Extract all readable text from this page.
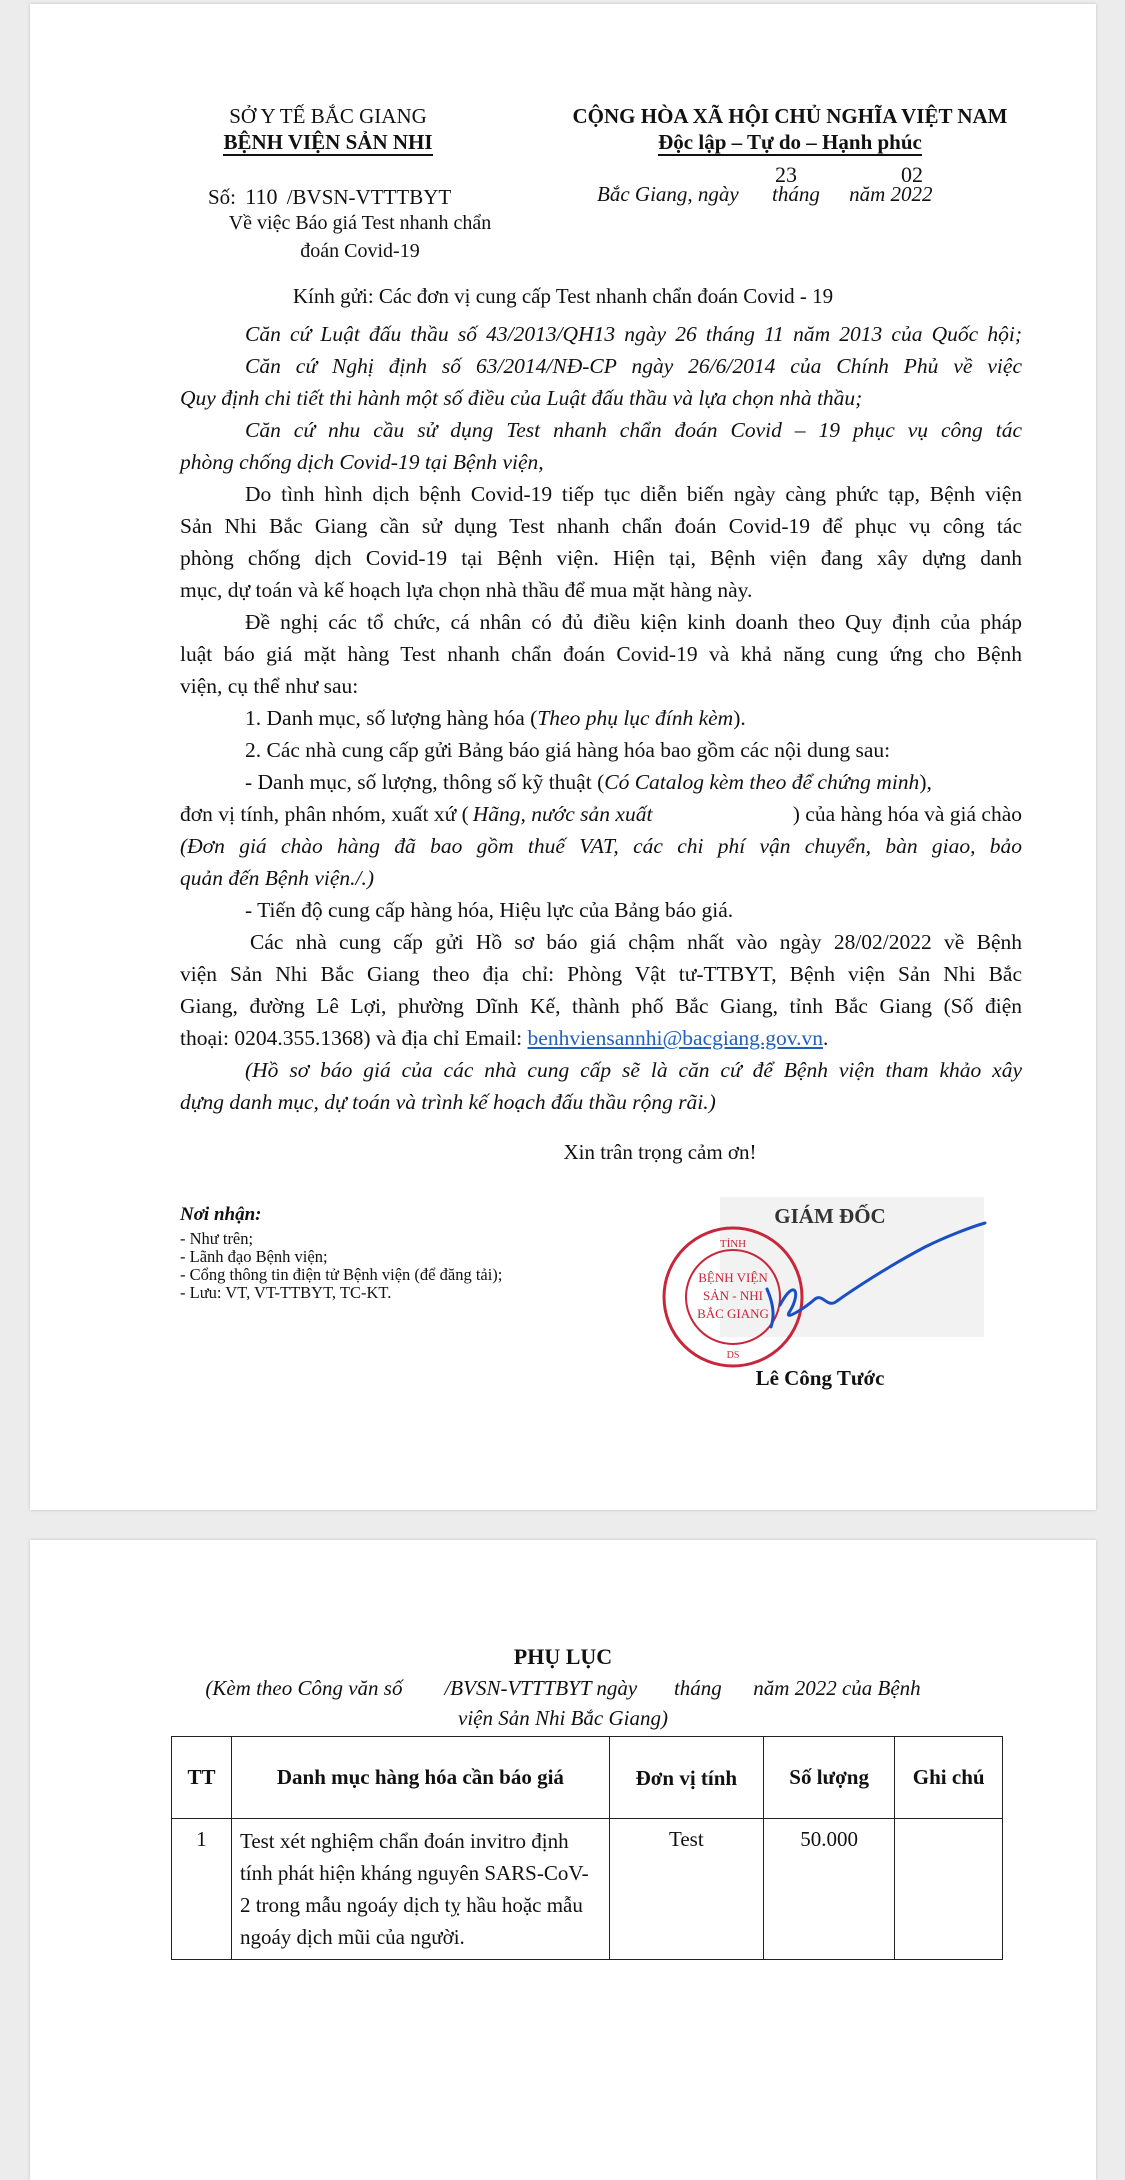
SỞ Y TẾ BẮC GIANG
BỆNH VIỆN SẢN NHI
CỘNG HÒA XÃ HỘI CHỦ NGHĨA VIỆT NAM
Độc lập – Tự do – Hạnh phúc
Số: 110 /BVSN-VTTTBYT
Về việc Báo giá Test nhanh chẩn
đoán Covid-19
Bắc Giang, ngày
23
tháng
02
năm 2022
Kính gửi: Các đơn vị cung cấp Test nhanh chẩn đoán Covid - 19
Căn cứ Luật đấu thầu số 43/2013/QH13 ngày 26 tháng 11 năm 2013 của Quốc hội;
Căn cứ Nghị định số 63/2014/NĐ-CP ngày 26/6/2014 của Chính Phủ về việc
Quy định chi tiết thi hành một số điều của Luật đấu thầu và lựa chọn nhà thầu;
Căn cứ nhu cầu sử dụng Test nhanh chẩn đoán Covid – 19 phục vụ công tác
phòng chống dịch Covid-19 tại Bệnh viện,
Do tình hình dịch bệnh Covid-19 tiếp tục diễn biến ngày càng phức tạp, Bệnh viện
Sản Nhi Bắc Giang cần sử dụng Test nhanh chẩn đoán Covid-19 để phục vụ công tác
phòng chống dịch Covid-19 tại Bệnh viện. Hiện tại, Bệnh viện đang xây dựng danh
mục, dự toán và kế hoạch lựa chọn nhà thầu để mua mặt hàng này.
Đề nghị các tổ chức, cá nhân có đủ điều kiện kinh doanh theo Quy định của pháp
luật báo giá mặt hàng Test nhanh chẩn đoán Covid-19 và khả năng cung ứng cho Bệnh
viện, cụ thể như sau:
1. Danh mục, số lượng hàng hóa (Theo phụ lục đính kèm).
2. Các nhà cung cấp gửi Bảng báo giá hàng hóa bao gồm các nội dung sau:
- Danh mục, số lượng, thông số kỹ thuật (Có Catalog kèm theo để chứng minh),
đơn vị tính, phân nhóm, xuất xứ ( Hãng, nước sản xuất	) của hàng hóa và giá chào
(Đơn giá chào hàng đã bao gồm thuế VAT, các chi phí vận chuyển, bàn giao, bảo
quản đến Bệnh viện./.)
- Tiến độ cung cấp hàng hóa, Hiệu lực của Bảng báo giá.
Các nhà cung cấp gửi Hồ sơ báo giá chậm nhất vào ngày 28/02/2022 về Bệnh
viện Sản Nhi Bắc Giang theo địa chỉ: Phòng Vật tư-TTBYT, Bệnh viện Sản Nhi Bắc
Giang, đường Lê Lợi, phường Dĩnh Kế, thành phố Bắc Giang, tỉnh Bắc Giang (Số điện
thoại: 0204.355.1368) và địa chỉ Email: benhviensannhi@bacgiang.gov.vn.
(Hồ sơ báo giá của các nhà cung cấp sẽ là căn cứ để Bệnh viện tham khảo xây
dựng danh mục, dự toán và trình kế hoạch đấu thầu rộng rãi.)
Xin trân trọng cảm ơn!
Nơi nhận:
- Như trên;
- Lãnh đạo Bệnh viện;
- Cổng thông tin điện tử Bệnh viện (để đăng tải);
- Lưu: VT, VT-TTBYT, TC-KT.
GIÁM ĐỐC
TỈNH
BỆNH VIỆN
SẢN - NHI
BẮC GIANG
DS
Lê Công Tước
PHỤ LỤC
(Kèm theo Công văn số        /BVSN-VTTTBYT ngày       tháng      năm 2022 của Bệnh
viện Sản Nhi Bắc Giang)
TT	Danh mục hàng hóa cần báo giá	Đơn vị tính	Số lượng	Ghi chú
1	Test xét nghiệm chẩn đoán invitro định tính phát hiện kháng nguyên SARS-CoV-2 trong mẫu ngoáy dịch tỵ hầu hoặc mẫu ngoáy dịch mũi của người.	Test	50.000	
